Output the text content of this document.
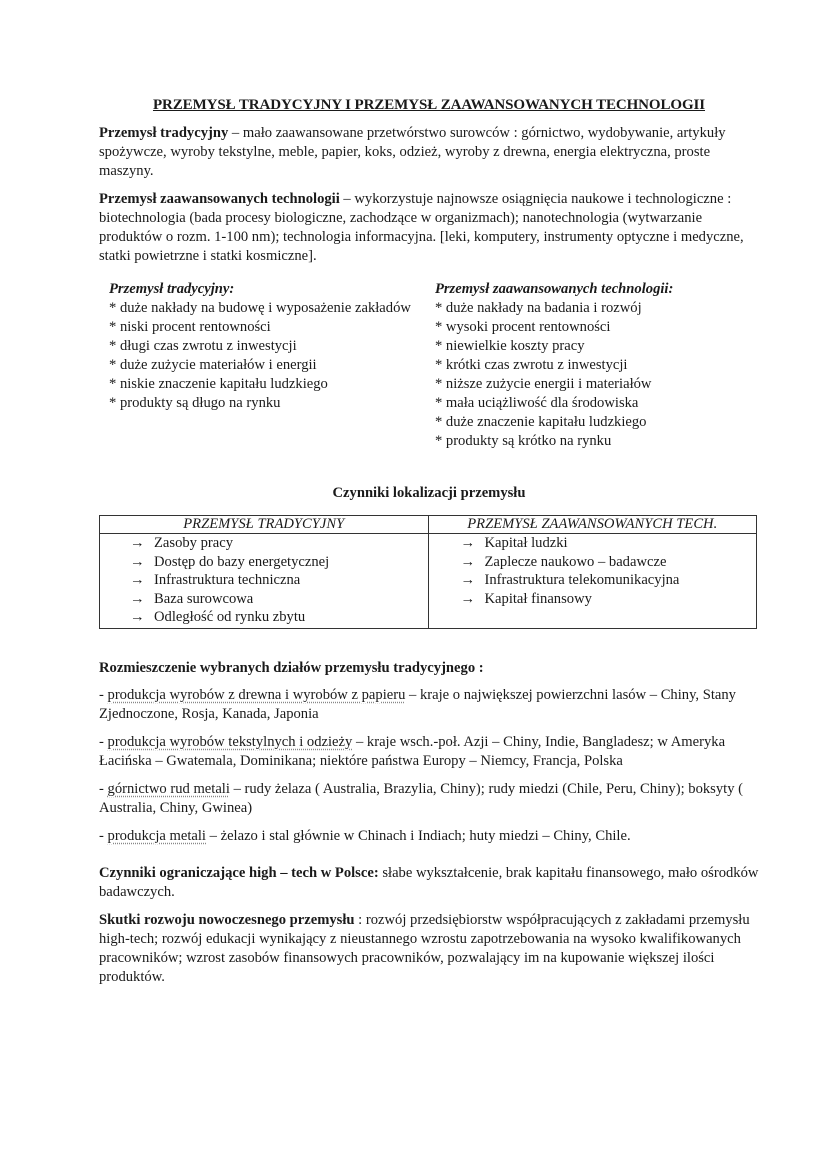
PRZEMYSŁ TRADYCYJNY I PRZEMYSŁ ZAAWANSOWANYCH TECHNOLOGII

Przemysł tradycyjny – mało zaawansowane przetwórstwo surowców : górnictwo, wydobywanie, artykuły spożywcze, wyroby tekstylne, meble, papier, koks, odzież, wyroby z drewna, energia elektryczna, proste maszyny.

Przemysł zaawansowanych technologii – wykorzystuje najnowsze osiągnięcia naukowe i technologiczne : biotechnologia (bada procesy biologiczne, zachodzące w organizmach); nanotechnologia (wytwarzanie produktów o rozm. 1-100 nm); technologia informacyjna. [leki, komputery, instrumenty optyczne i medyczne, statki powietrzne i statki kosmiczne].

Przemysł tradycyjny:
* duże nakłady na budowę i wyposażenie zakładów
* niski procent rentowności
* długi czas zwrotu z inwestycji
* duże zużycie materiałów i energii
* niskie znaczenie kapitału ludzkiego
* produkty są długo na rynku
Przemysł zaawansowanych technologii:
* duże nakłady na badania i rozwój
* wysoki procent rentowności
* niewielkie koszty pracy
* krótki czas zwrotu z inwestycji
* niższe zużycie energii i materiałów
* mała uciążliwość dla środowiska
* duże znaczenie kapitału ludzkiego
* produkty są krótko na rynku
Czynniki lokalizacji przemysłu
PRZEMYSŁ TRADYCYJNY	PRZEMYSŁ ZAAWANSOWANYCH TECH.

→ Zasoby pracy
→ Dostęp do bazy energetycznej
→ Infrastruktura techniczna
→ Baza surowcowa
→ Odległość od rynku zbytu

→ Kapitał ludzki
→ Zaplecze naukowo – badawcze
→ Infrastruktura telekomunikacyjna
→ Kapitał finansowy
Rozmieszczenie wybranych działów przemysłu tradycyjnego :

- produkcja wyrobów z drewna i wyrobów z papieru – kraje o największej powierzchni lasów – Chiny, Stany Zjednoczone, Rosja, Kanada, Japonia

- produkcja wyrobów tekstylnych i odzieży – kraje wsch.-poł. Azji – Chiny, Indie, Bangladesz; w Ameryka Łacińska – Gwatemala, Dominikana; niektóre państwa Europy – Niemcy, Francja, Polska

- górnictwo rud metali – rudy żelaza ( Australia, Brazylia, Chiny); rudy miedzi (Chile, Peru, Chiny); boksyty ( Australia, Chiny, Gwinea)

- produkcja metali – żelazo i stal głównie w Chinach i Indiach; huty miedzi – Chiny, Chile.

Czynniki ograniczające high – tech w Polsce: słabe wykształcenie, brak kapitału finansowego, mało ośrodków badawczych.

Skutki rozwoju nowoczesnego przemysłu : rozwój przedsiębiorstw współpracujących z zakładami przemysłu high-tech; rozwój edukacji wynikający z nieustannego wzrostu zapotrzebowania na wysoko kwalifikowanych pracowników; wzrost zasobów finansowych pracowników, pozwalający im na kupowanie większej ilości produktów.
